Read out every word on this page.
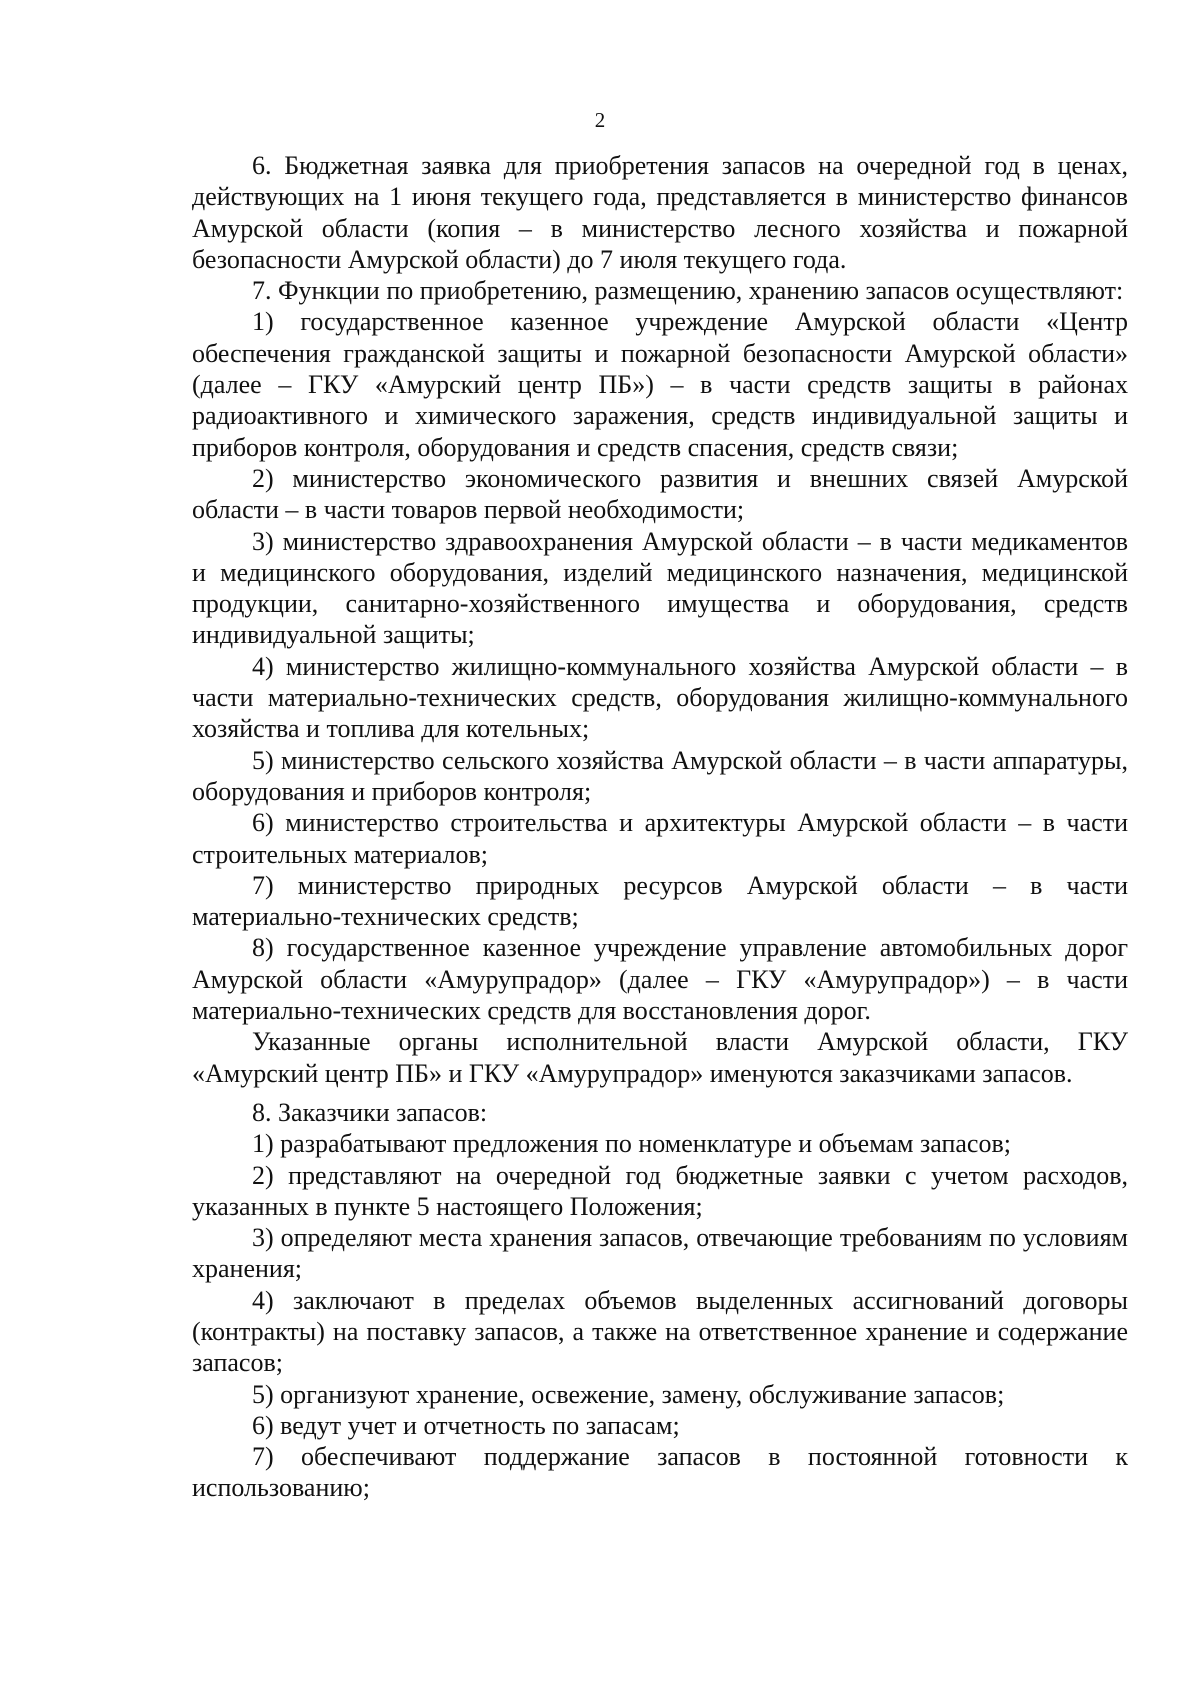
2

6. Бюджетная заявка для приобретения запасов на очередной год в ценах, действующих на 1 июня текущего года, представляется в министерство финансов Амурской области (копия – в министерство лесного хозяйства и пожарной безопасности Амурской области) до 7 июля текущего года.

7. Функции по приобретению, размещению, хранению запасов осуществляют:

1) государственное казенное учреждение Амурской области «Центр обеспечения гражданской защиты и пожарной безопасности Амурской области» (далее – ГКУ «Амурский центр ПБ») – в части средств защиты в районах радиоактивного и химического заражения, средств индивидуальной защиты и приборов контроля, оборудования и средств спасения, средств связи;

2) министерство экономического развития и внешних связей Амурской области – в части товаров первой необходимости;

3) министерство здравоохранения Амурской области – в части медикаментов и медицинского оборудования, изделий медицинского назначения, медицинской продукции, санитарно-хозяйственного имущества и оборудования, средств индивидуальной защиты;

4) министерство жилищно-коммунального хозяйства Амурской области – в части материально-технических средств, оборудования жилищно-коммунального хозяйства и топлива для котельных;

5) министерство сельского хозяйства Амурской области – в части аппаратуры, оборудования и приборов контроля;

6) министерство строительства и архитектуры Амурской области – в части строительных материалов;

7) министерство природных ресурсов Амурской области – в части материально-технических средств;

8) государственное казенное учреждение управление автомобильных дорог Амурской области «Амурупрадор» (далее – ГКУ «Амурупрадор») – в части материально-технических средств для восстановления дорог.

Указанные органы исполнительной власти Амурской области, ГКУ «Амурский центр ПБ» и ГКУ «Амурупрадор» именуются заказчиками запасов.

8. Заказчики запасов:

1) разрабатывают предложения по номенклатуре и объемам запасов;

2) представляют на очередной год бюджетные заявки с учетом расходов, указанных в пункте 5 настоящего Положения;

3) определяют места хранения запасов, отвечающие требованиям по условиям хранения;

4) заключают в пределах объемов выделенных ассигнований договоры (контракты) на поставку запасов, а также на ответственное хранение и содержание запасов;

5) организуют хранение, освежение, замену, обслуживание запасов;

6) ведут учет и отчетность по запасам;

7) обеспечивают поддержание запасов в постоянной готовности к использованию;
